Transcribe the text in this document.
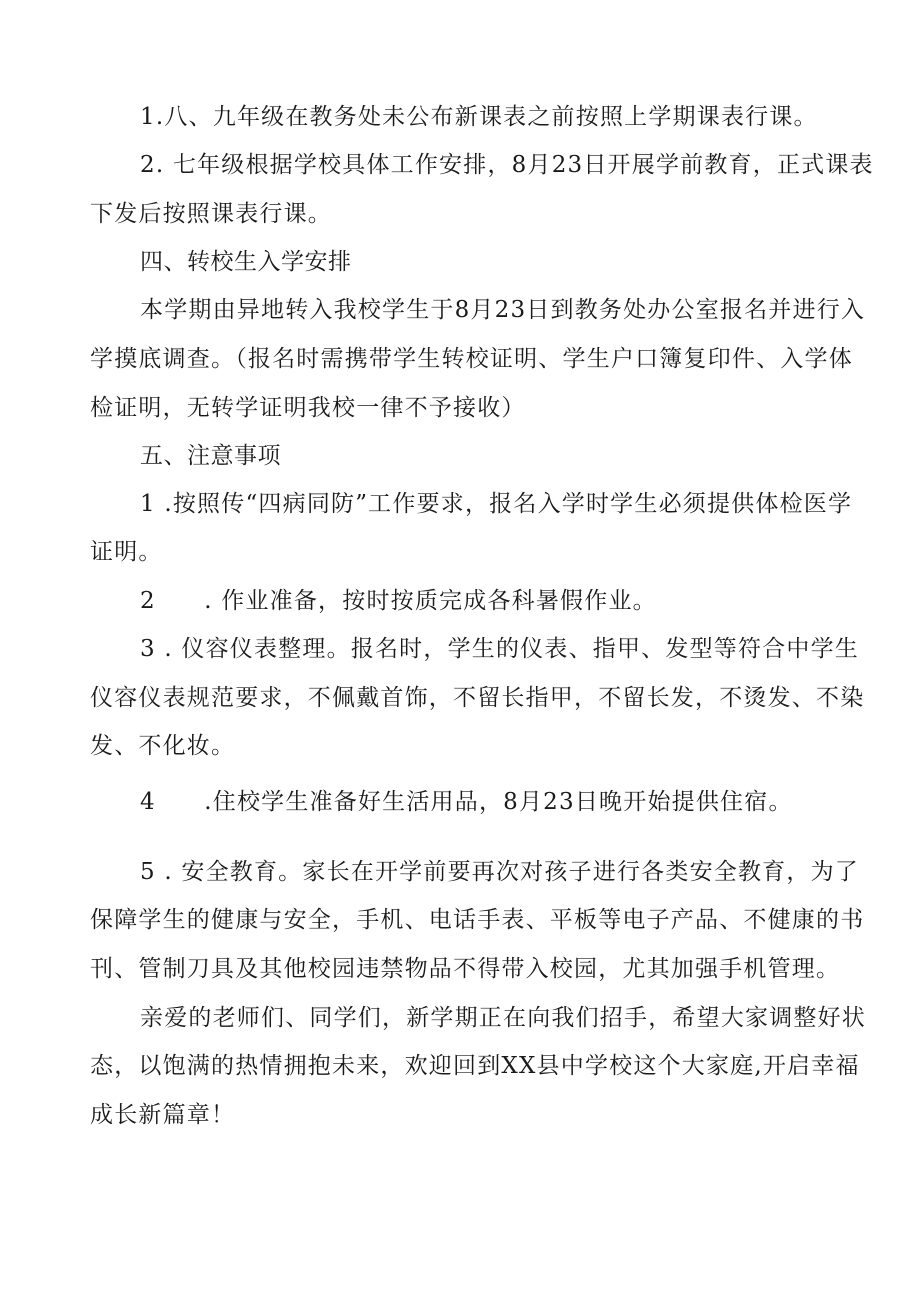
1.八、九年级在教务处未公布新课表之前按照上学期课表行课。
2. 七年级根据学校具体工作安排，8月23日开展学前教育，正式课表
下发后按照课表行课。
四、转校生入学安排
本学期由异地转入我校学生于8月23日到教务处办公室报名并进行入
学摸底调查。（报名时需携带学生转校证明、学生户口簿复印件、入学体
检证明，无转学证明我校一律不予接收）
五、注意事项
1 .按照传“四病同防”工作要求，报名入学时学生必须提供体检医学
证明。
2　　. 作业准备，按时按质完成各科暑假作业。
3 . 仪容仪表整理。报名时，学生的仪表、指甲、发型等符合中学生
仪容仪表规范要求，不佩戴首饰，不留长指甲，不留长发，不烫发、不染
发、不化妆。
4　　.住校学生准备好生活用品，8月23日晚开始提供住宿。
5 . 安全教育。家长在开学前要再次对孩子进行各类安全教育，为了
保障学生的健康与安全，手机、电话手表、平板等电子产品、不健康的书
刊、管制刀具及其他校园违禁物品不得带入校园，尤其加强手机管理。
亲爱的老师们、同学们，新学期正在向我们招手，希望大家调整好状
态，以饱满的热情拥抱未来，欢迎回到XX县中学校这个大家庭,开启幸福
成长新篇章！
